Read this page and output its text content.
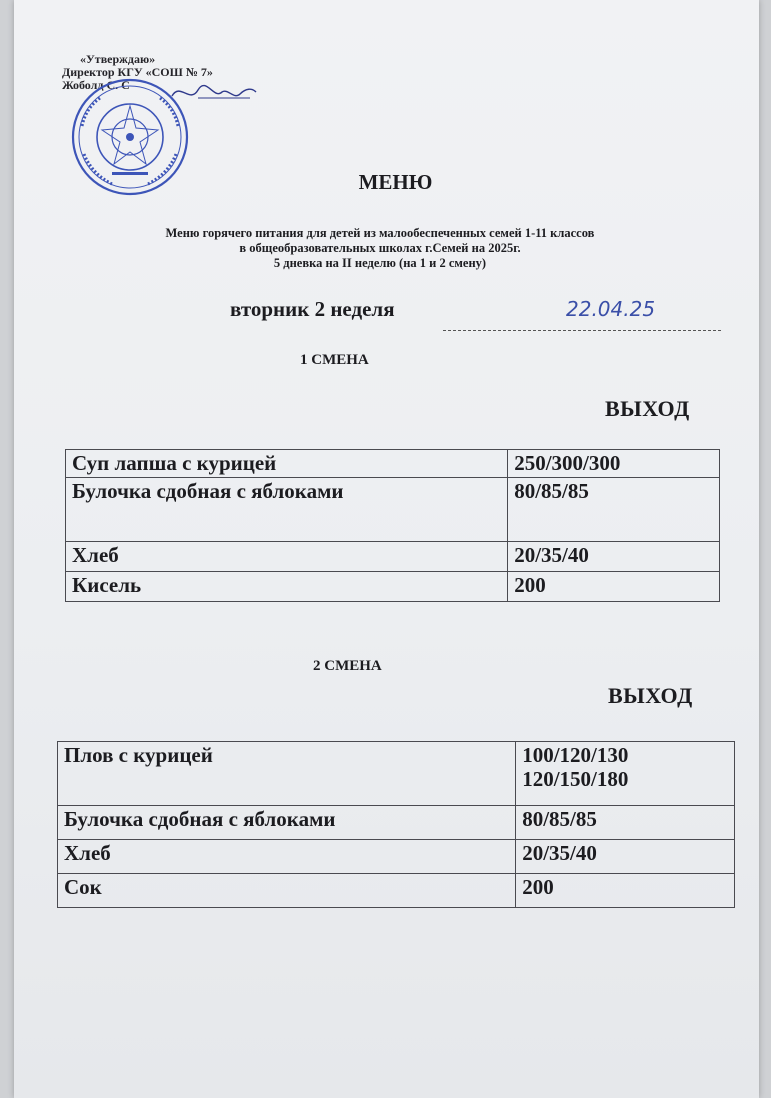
«Утверждаю»
Директор КГУ «СОШ № 7»
Жоболд С. С
МЕНЮ
Меню горячего питания для детей из малообеспеченных семей 1-11 классов
в общеобразовательных школах г.Семей на 2025г.
5 дневка на II неделю (на 1 и 2 смену)
вторник 2 неделя	22.04.25
1 СМЕНА
ВЫХОД
Суп лапша с курицей	250/300/300
Булочка сдобная с яблоками	80/85/85
Хлеб	20/35/40
Кисель	200
2 СМЕНА
ВЫХОД
Плов с курицей	100/120/130
120/150/180

Булочка сдобная с яблоками	80/85/85
Хлеб	20/35/40
Сок	200
